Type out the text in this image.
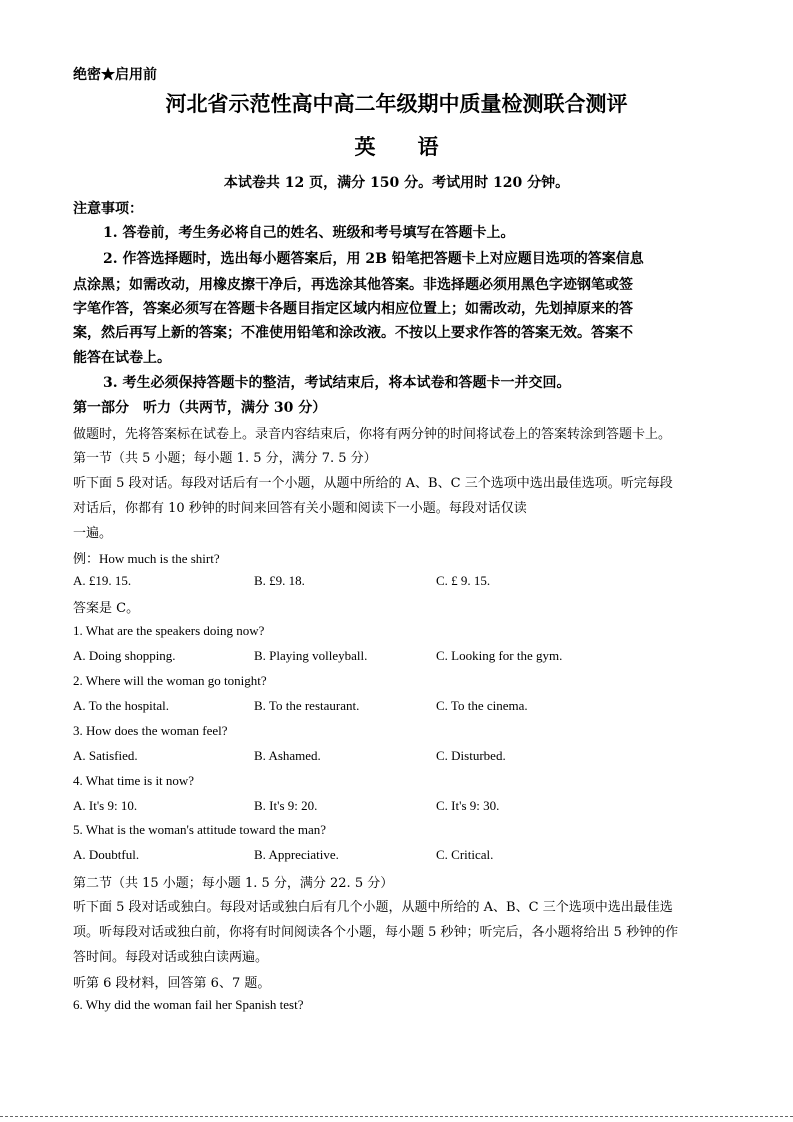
绝密★启用前
河北省示范性高中高二年级期中质量检测联合测评
英　　语
本试卷共 12 页，满分 150 分。考试用时 120 分钟。
注意事项：
1. 答卷前，考生务必将自己的姓名、班级和考号填写在答题卡上。
2. 作答选择题时，选出每小题答案后，用 2B 铅笔把答题卡上对应题目选项的答案信息
点涂黑；如需改动，用橡皮擦干净后，再选涂其他答案。非选择题必须用黑色字迹钢笔或签
字笔作答，答案必须写在答题卡各题目指定区域内相应位置上；如需改动，先划掉原来的答
案，然后再写上新的答案；不准使用铅笔和涂改液。不按以上要求作答的答案无效。答案不
能答在试卷上。
3. 考生必须保持答题卡的整洁，考试结束后，将本试卷和答题卡一并交回。
第一部分　听力（共两节，满分 30 分）
做题时，先将答案标在试卷上。录音内容结束后，你将有两分钟的时间将试卷上的答案转涂到答题卡上。
第一节（共 5 小题；每小题 1. 5 分，满分 7. 5 分）
听下面 5 段对话。每段对话后有一个小题，从题中所给的 A、B、C 三个选项中选出最佳选项。听完每段
对话后，你都有 10 秒钟的时间来回答有关小题和阅读下一小题。每段对话仅读
一遍。
例：How much is the shirt?
A. £19. 15.	B. £9. 18.	C. £ 9. 15.
答案是 C。
1. What are the speakers doing now?
A. Doing shopping.	B. Playing volleyball.	C. Looking for the gym.
2. Where will the woman go tonight?
A. To the hospital.	B. To the restaurant.	C. To the cinema.
3. How does the woman feel?
A. Satisfied.	B. Ashamed.	C. Disturbed.
4. What time is it now?
A. It's 9: 10.	B. It's 9: 20.	C. It's 9: 30.
5. What is the woman's attitude toward the man?
A. Doubtful.	B. Appreciative.	C. Critical.
第二节（共 15 小题；每小题 1. 5 分，满分 22. 5 分）
听下面 5 段对话或独白。每段对话或独白后有几个小题，从题中所给的 A、B、C 三个选项中选出最佳选
项。听每段对话或独白前，你将有时间阅读各个小题，每小题 5 秒钟；听完后，各小题将给出 5 秒钟的作
答时间。每段对话或独白读两遍。
听第 6 段材料，回答第 6、7 题。
6. Why did the woman fail her Spanish test?
